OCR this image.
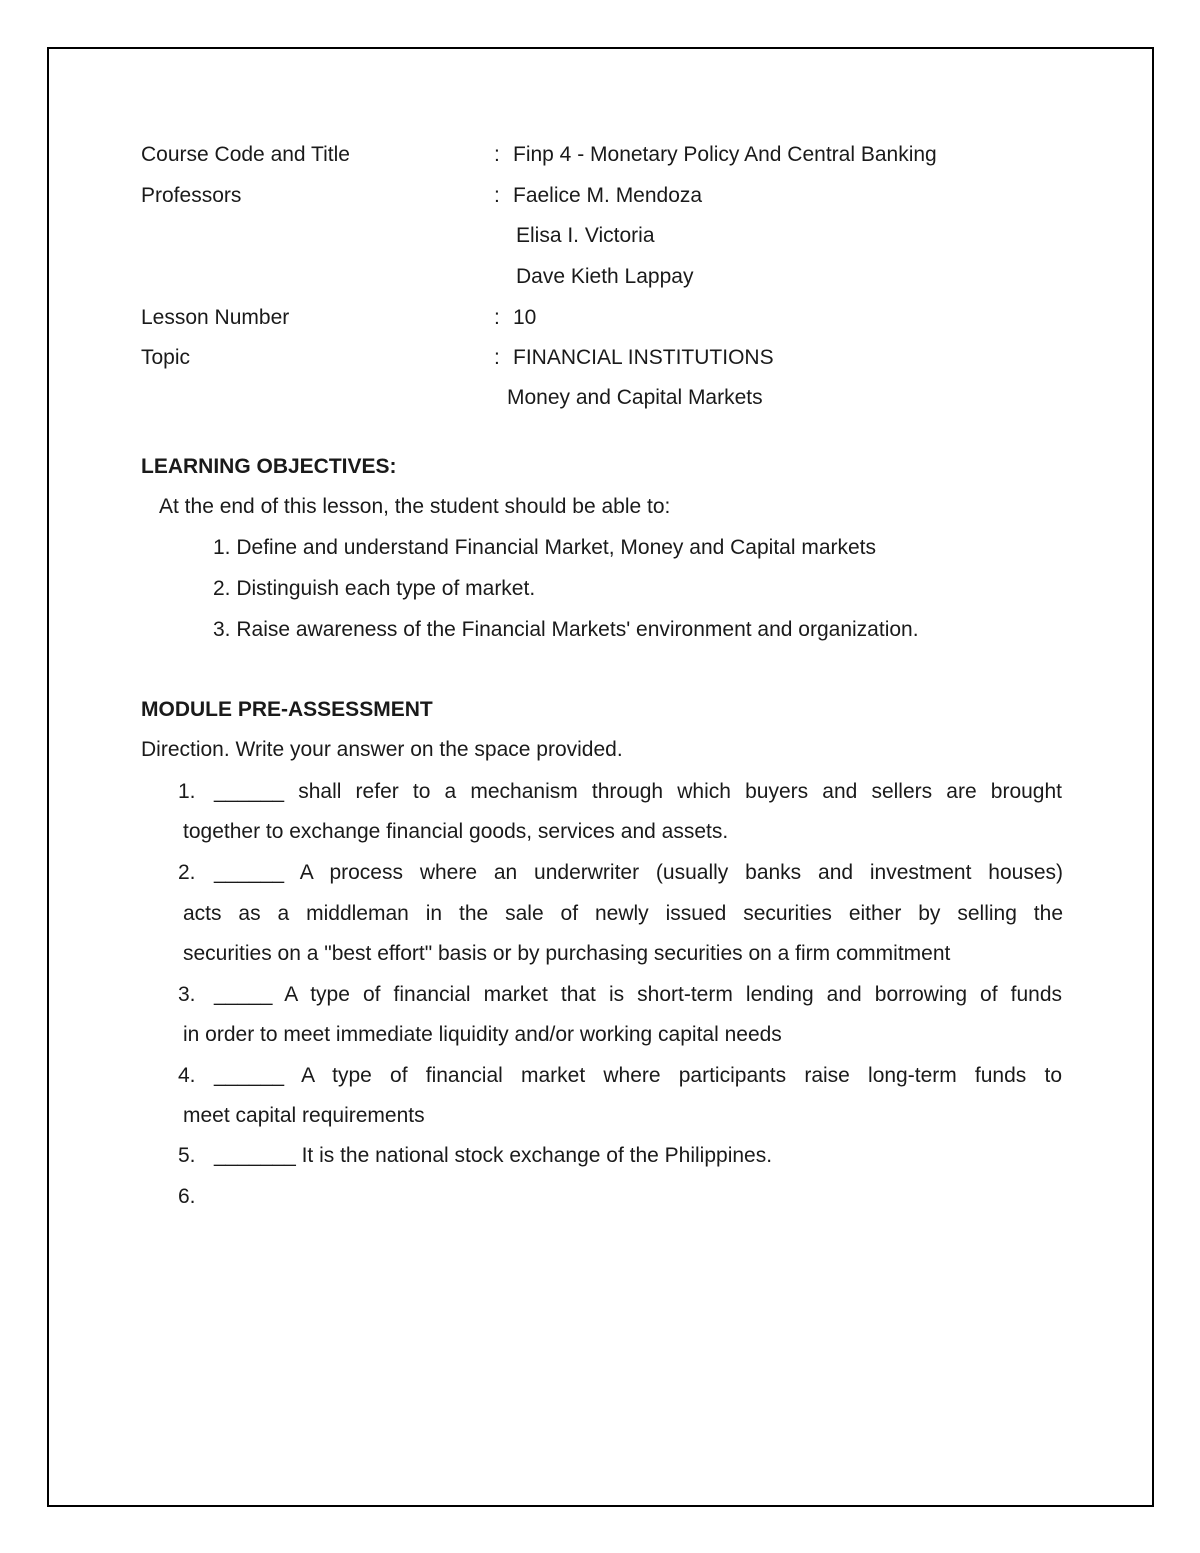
Course Code and Title	: Finp 4 - Monetary Policy And Central Banking
Professors	: Faelice M. Mendoza
Elisa I. Victoria
Dave Kieth Lappay
Lesson Number	: 10
Topic	: FINANCIAL INSTITUTIONS
Money and Capital Markets
LEARNING OBJECTIVES:
At the end of this lesson, the student should be able to:
1. Define and understand Financial Market, Money and Capital markets
2. Distinguish each type of market.
3. Raise awareness of the Financial Markets' environment and organization.
MODULE PRE-ASSESSMENT
Direction. Write your answer on the space provided.
1. ______ shall refer to a mechanism through which buyers and sellers are brought
together to exchange financial goods, services and assets.
2. ______ A process where an underwriter (usually banks and investment houses)
acts as a middleman in the sale of newly issued securities either by selling the
securities on a "best effort" basis or by purchasing securities on a firm commitment
3. _____ A type of financial market that is short-term lending and borrowing of funds
in order to meet immediate liquidity and/or working capital needs
4. ______ A type of financial market where participants raise long-term funds to
meet capital requirements
5. _______ It is the national stock exchange of the Philippines.
6.
